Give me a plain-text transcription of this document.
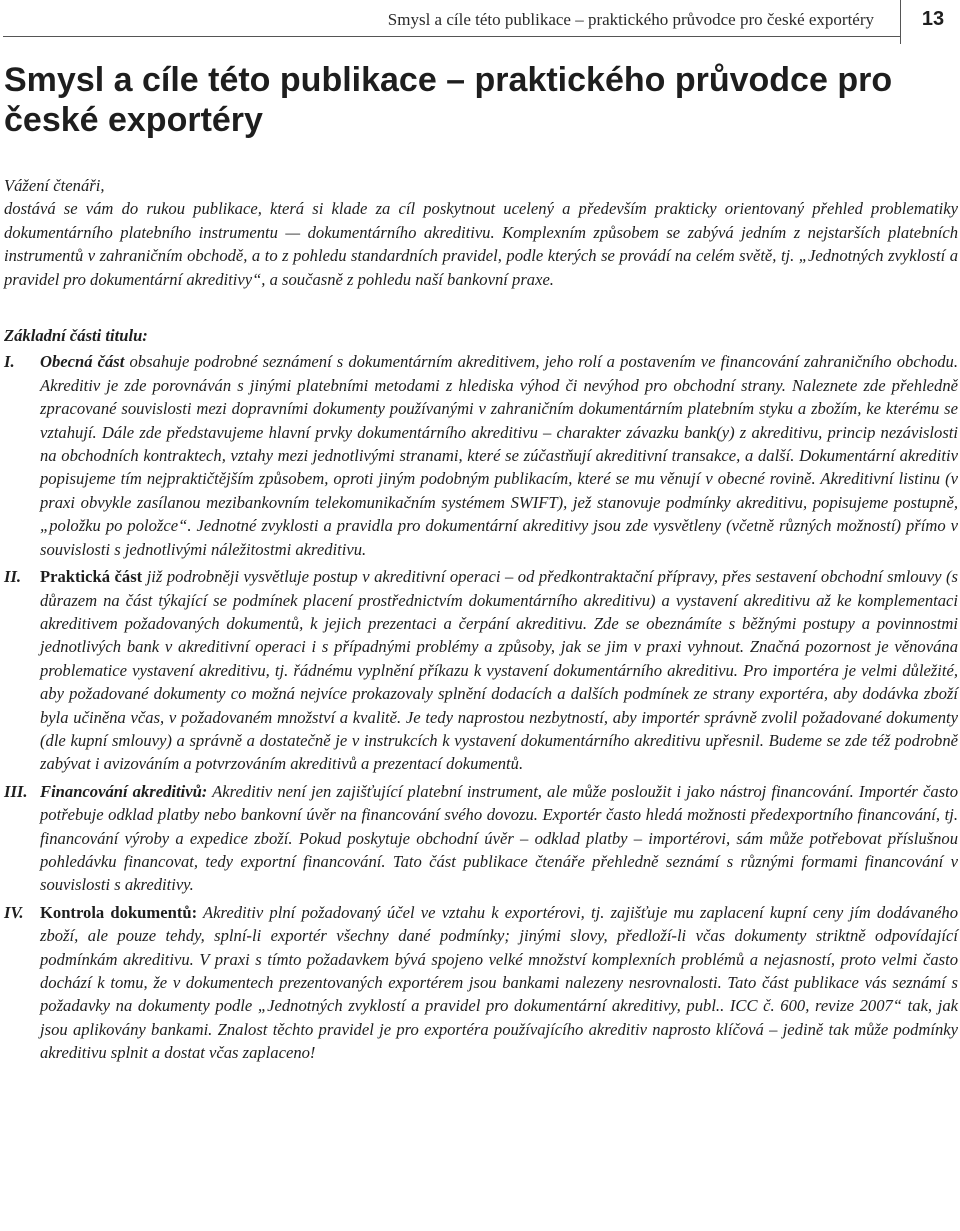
Smysl a cíle této publikace – praktického průvodce pro české exportéry	13
Smysl a cíle této publikace – praktického průvodce pro české exportéry

Vážení čtenáři,

dostává se vám do rukou publikace, která si klade za cíl poskytnout ucelený a především prakticky orientovaný přehled problematiky dokumentárního platebního instrumentu — dokumentárního akreditivu. Komplexním způsobem se zabývá jedním z nejstarších platebních instrumentů v zahraničním obchodě, a to z pohledu standardních pravidel, podle kterých se provádí na celém světě, tj. „Jednotných zvyklostí a pravidel pro dokumentární akreditivy“, a současně z pohledu naší bankovní praxe.

Základní části titulu:

I. Obecná část obsahuje podrobné seznámení s dokumentárním akreditivem, jeho rolí a postavením ve financování zahraničního obchodu. Akreditiv je zde porovnáván s jinými platebními metodami z hlediska výhod či nevýhod pro obchodní strany. Naleznete zde přehledně zpracované souvislosti mezi dopravními dokumenty používanými v zahraničním dokumentárním platebním styku a zbožím, ke kterému se vztahují. Dále zde představujeme hlavní prvky dokumentárního akreditivu – charakter závazku bank(y) z akreditivu, princip nezávislosti na obchodních kontraktech, vztahy mezi jednotlivými stranami, které se zúčastňují akreditivní transakce, a další. Dokumentární akreditiv popisujeme tím nejpraktičtějším způsobem, oproti jiným podobným publikacím, které se mu věnují v obecné rovině. Akreditivní listinu (v praxi obvykle zasílanou mezibankovním telekomunikačním systémem SWIFT), jež stanovuje podmínky akreditivu, popisujeme postupně, „položku po položce“. Jednotné zvyklosti a pravidla pro dokumentární akreditivy jsou zde vysvětleny (včetně různých možností) přímo v souvislosti s jednotlivými náležitostmi akreditivu.

II. Praktická část již podrobněji vysvětluje postup v akreditivní operaci – od předkontraktační přípravy, přes sestavení obchodní smlouvy (s důrazem na část týkající se podmínek placení prostřednictvím dokumentárního akreditivu) a vystavení akreditivu až ke komplementaci akreditivem požadovaných dokumentů, k jejich prezentaci a čerpání akreditivu. Zde se obeznámíte s běžnými postupy a povinnostmi jednotlivých bank v akreditivní operaci i s případnými problémy a způsoby, jak se jim v praxi vyhnout. Značná pozornost je věnována problematice vystavení akreditivu, tj. řádnému vyplnění příkazu k vystavení dokumentárního akreditivu. Pro importéra je velmi důležité, aby požadované dokumenty co možná nejvíce prokazovaly splnění dodacích a dalších podmínek ze strany exportéra, aby dodávka zboží byla učiněna včas, v požadovaném množství a kvalitě. Je tedy naprostou nezbytností, aby importér správně zvolil požadované dokumenty (dle kupní smlouvy) a správně a dostatečně je v instrukcích k vystavení dokumentárního akreditivu upřesnil. Budeme se zde též podrobně zabývat i avizováním a potvrzováním akreditivů a prezentací dokumentů.

III. Financování akreditivů: Akreditiv není jen zajišťující platební instrument, ale může posloužit i jako nástroj financování. Importér často potřebuje odklad platby nebo bankovní úvěr na financování svého dovozu. Exportér často hledá možnosti předexportního financování, tj. financování výroby a expedice zboží. Pokud poskytuje obchodní úvěr – odklad platby – importérovi, sám může potřebovat příslušnou pohledávku financovat, tedy exportní financování. Tato část publikace čtenáře přehledně seznámí s různými formami financování v souvislosti s akreditivy.

IV. Kontrola dokumentů: Akreditiv plní požadovaný účel ve vztahu k exportérovi, tj. zajišťuje mu zaplacení kupní ceny jím dodávaného zboží, ale pouze tehdy, splní-li exportér všechny dané podmínky; jinými slovy, předloží-li včas dokumenty striktně odpovídající podmínkám akreditivu. V praxi s tímto požadavkem bývá spojeno velké množství komplexních problémů a nejasností, proto velmi často dochází k tomu, že v dokumentech prezentovaných exportérem jsou bankami nalezeny nesrovnalosti. Tato část publikace vás seznámí s požadavky na dokumenty podle „Jednotných zvyklostí a pravidel pro dokumentární akreditivy, publ.. ICC č. 600, revize 2007“ tak, jak jsou aplikovány bankami. Znalost těchto pravidel je pro exportéra používajícího akreditiv naprosto klíčová – jedině tak může podmínky akreditivu splnit a dostat včas zaplaceno!
